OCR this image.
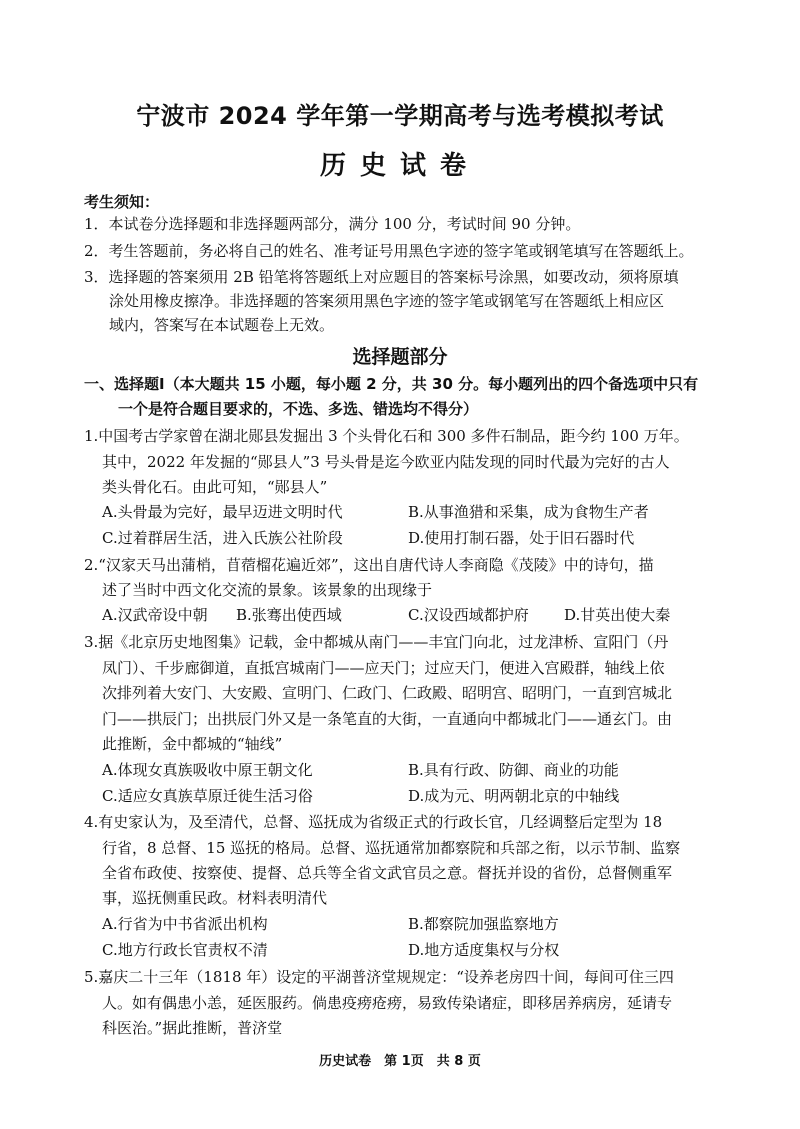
宁波市 2024 学年第一学期高考与选考模拟考试
历史试卷
考生须知：
1．本试卷分选择题和非选择题两部分，满分 100 分，考试时间 90 分钟。
2．考生答题前，务必将自己的姓名、准考证号用黑色字迹的签字笔或钢笔填写在答题纸上。
3．选择题的答案须用 2B 铅笔将答题纸上对应题目的答案标号涂黑，如要改动，须将原填
涂处用橡皮擦净。非选择题的答案须用黑色字迹的签字笔或钢笔写在答题纸上相应区
域内，答案写在本试题卷上无效。
选择题部分
一、选择题Ⅰ（本大题共 15 小题，每小题 2 分，共 30 分。每小题列出的四个备选项中只有
一个是符合题目要求的，不选、多选、错选均不得分）
1.中国考古学家曾在湖北郧县发掘出 3 个头骨化石和 300 多件石制品，距今约 100 万年。
其中，2022 年发掘的“郧县人”3 号头骨是迄今欧亚内陆发现的同时代最为完好的古人
类头骨化石。由此可知，“郧县人”
A.头骨最为完好，最早迈进文明时代	B.从事渔猎和采集，成为食物生产者
C.过着群居生活，进入氏族公社阶段	D.使用打制石器，处于旧石器时代
2.“汉家天马出蒲梢，苜蓿榴花遍近郊”，这出自唐代诗人李商隐《茂陵》中的诗句，描
述了当时中西文化交流的景象。该景象的出现缘于
A.汉武帝设中朝 B.张骞出使西域	C.汉设西域都护府 D.甘英出使大秦
3.据《北京历史地图集》记载，金中都城从南门——丰宜门向北，过龙津桥、宣阳门（丹
凤门）、千步廊御道，直抵宫城南门——应天门；过应天门，便进入宫殿群，轴线上依
次排列着大安门、大安殿、宣明门、仁政门、仁政殿、昭明宫、昭明门，一直到宫城北
门——拱辰门；出拱辰门外又是一条笔直的大街，一直通向中都城北门——通玄门。由
此推断，金中都城的“轴线”
A.体现女真族吸收中原王朝文化	B.具有行政、防御、商业的功能
C.适应女真族草原迁徙生活习俗	D.成为元、明两朝北京的中轴线
4.有史家认为，及至清代，总督、巡抚成为省级正式的行政长官，几经调整后定型为 18
行省，8 总督、15 巡抚的格局。总督、巡抚通常加都察院和兵部之衔，以示节制、监察
全省布政使、按察使、提督、总兵等全省文武官员之意。督抚并设的省份，总督侧重军
事，巡抚侧重民政。材料表明清代
A.行省为中书省派出机构	B.都察院加强监察地方
C.地方行政长官责权不清	D.地方适度集权与分权
5.嘉庆二十三年（1818 年）设定的平湖普济堂规规定：“设养老房四十间，每间可住三四
人。如有偶患小恙，延医服药。倘患疫痨疮痨，易致传染诸症，即移居养病房，延请专
科医治。”据此推断，普济堂
历史试卷　第 1页　共 8 页
